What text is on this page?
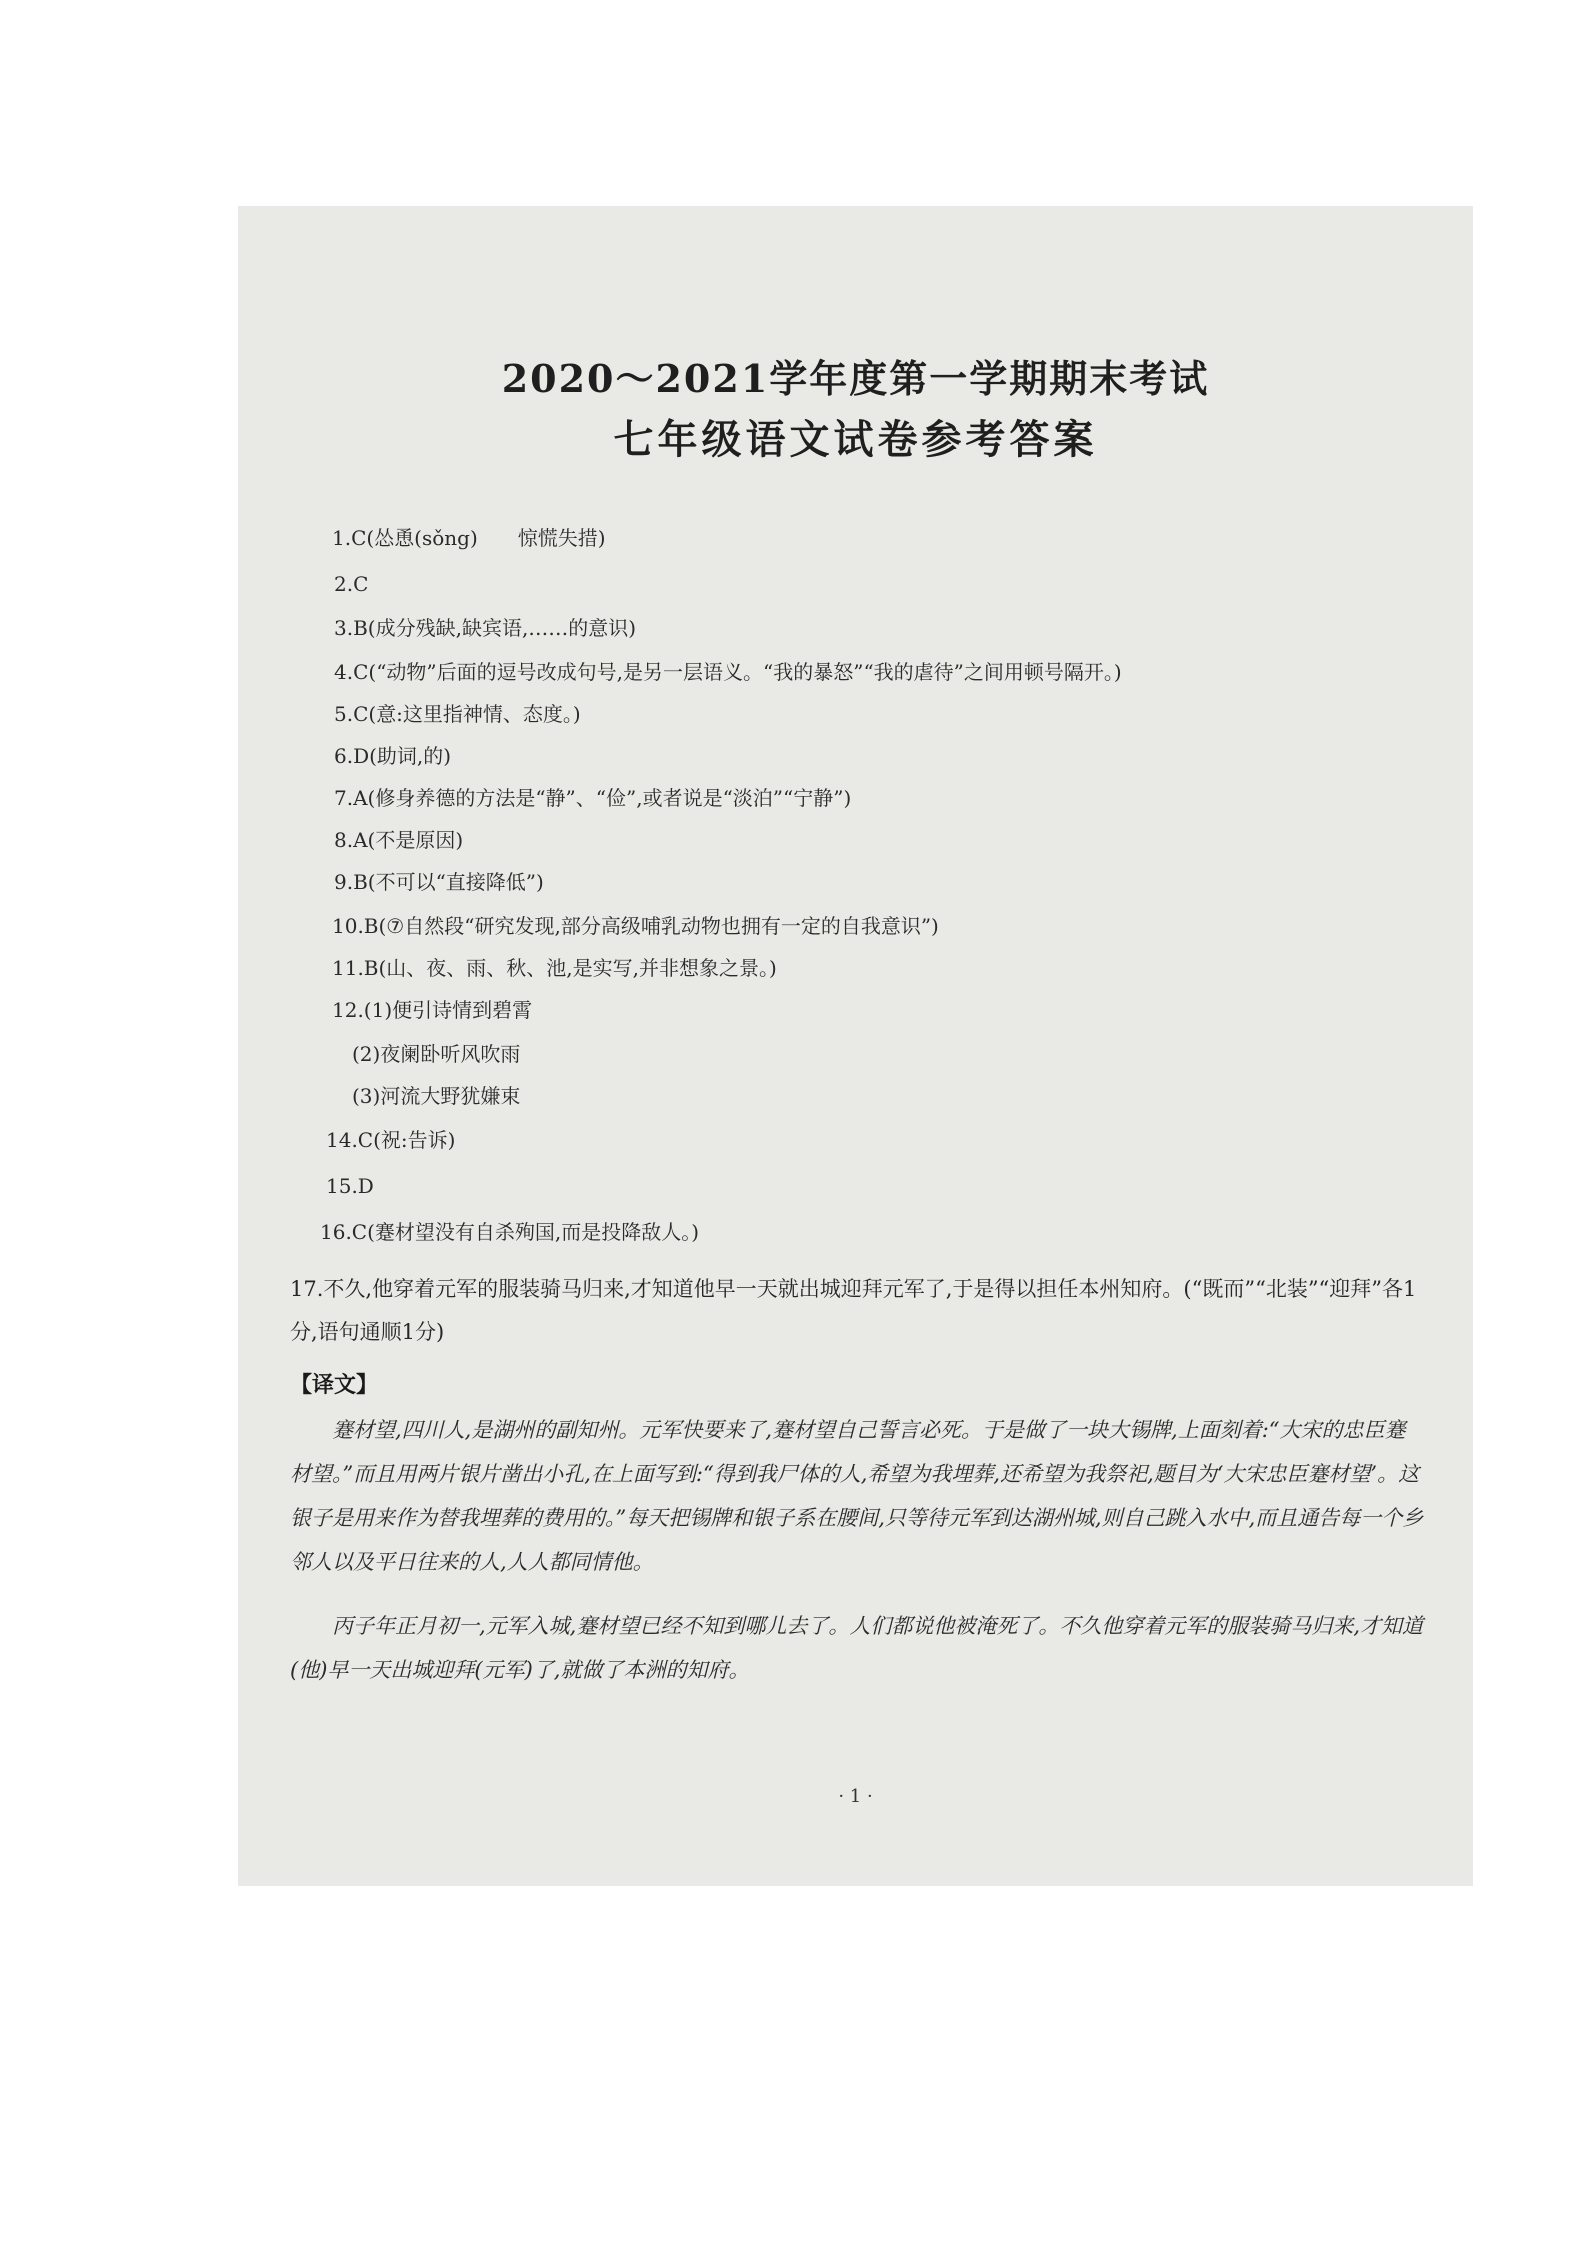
2020～2021学年度第一学期期末考试
七年级语文试卷参考答案
1.C(怂恿(sǒng)　　惊慌失措)
2.C
3.B(成分残缺,缺宾语,……的意识)
4.C(“动物”后面的逗号改成句号,是另一层语义。“我的暴怒”“我的虐待”之间用顿号隔开。)
5.C(意:这里指神情、态度。)
6.D(助词,的)
7.A(修身养德的方法是“静”、“俭”,或者说是“淡泊”“宁静”)
8.A(不是原因)
9.B(不可以“直接降低”)
10.B(⑦自然段“研究发现,部分高级哺乳动物也拥有一定的自我意识”)
11.B(山、夜、雨、秋、池,是实写,并非想象之景。)
12.(1)便引诗情到碧霄
(2)夜阑卧听风吹雨
(3)河流大野犹嫌束
14.C(祝:告诉)
15.D
16.C(蹇材望没有自杀殉国,而是投降敌人。)
17.不久,他穿着元军的服装骑马归来,才知道他早一天就出城迎拜元军了,于是得以担任本州知府。(“既而”“北装”“迎拜”各1分,语句通顺1分)
【译文】
蹇材望,四川人,是湖州的副知州。元军快要来了,蹇材望自己誓言必死。于是做了一块大锡牌,上面刻着:“大宋的忠臣蹇材望。”而且用两片银片凿出小孔,在上面写到:“得到我尸体的人,希望为我埋葬,还希望为我祭祀,题目为‘大宋忠臣蹇材望’。这银子是用来作为替我埋葬的费用的。”每天把锡牌和银子系在腰间,只等待元军到达湖州城,则自己跳入水中,而且通告每一个乡邻人以及平日往来的人,人人都同情他。
丙子年正月初一,元军入城,蹇材望已经不知到哪儿去了。人们都说他被淹死了。不久他穿着元军的服装骑马归来,才知道(他)早一天出城迎拜(元军)了,就做了本洲的知府。
· 1 ·
